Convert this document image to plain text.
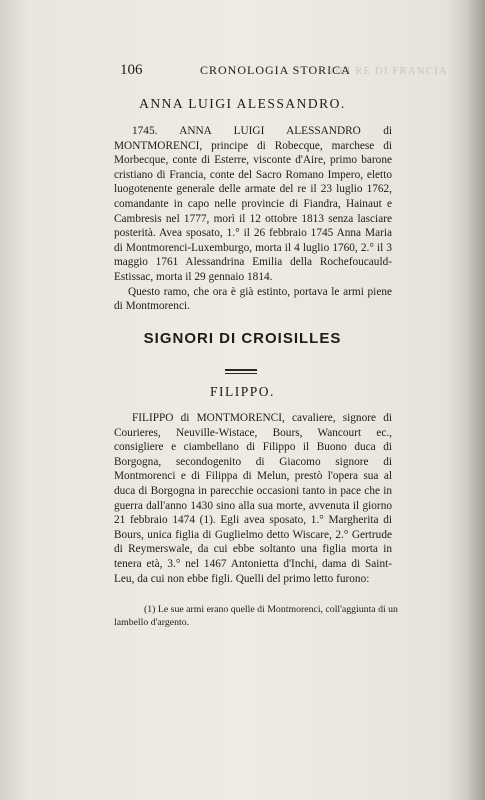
DEI RE DI FRANCIA
106	CRONOLOGIA STORICA
ANNA LUIGI ALESSANDRO.

1745. ANNA LUIGI ALESSANDRO di MONTMORENCI, principe di Robecque, marchese di Morbecque, conte di Esterre, visconte d'Aire, primo barone cristiano di Francia, conte del Sacro Romano Impero, eletto luogotenente generale delle armate del re il 23 luglio 1762, comandante in capo nelle provincie di Fiandra, Hainaut e Cambresis nel 1777, morì il 12 ottobre 1813 senza lasciare posterità. Avea sposato, 1.° il 26 febbraio 1745 Anna Maria di Montmorenci-Luxemburgo, morta il 4 luglio 1760, 2.° il 3 maggio 1761 Alessandrina Emilia della Rochefoucauld-Estissac, morta il 29 gennaio 1814.

Questo ramo, che ora è già estinto, portava le armi piene di Montmorenci.

SIGNORI DI CROISILLES
FILIPPO.

FILIPPO di MONTMORENCI, cavaliere, signore di Courieres, Neuville-Wistace, Bours, Wancourt ec., consigliere e ciambellano di Filippo il Buono duca di Borgogna, secondogenito di Giacomo signore di Montmorenci e di Filippa di Melun, prestò l'opera sua al duca di Borgogna in parecchie occasioni tanto in pace che in guerra dall'anno 1430 sino alla sua morte, avvenuta il giorno 21 febbraio 1474 (1). Egli avea sposato, 1.° Margherita di Bours, unica figlia di Guglielmo detto Wiscare, 2.° Gertrude di Reymerswale, da cui ebbe soltanto una figlia morta in tenera età, 3.° nel 1467 Antonietta d'Inchi, dama di Saint-Leu, da cui non ebbe figli. Quelli del primo letto furono:

(1) Le sue armi erano quelle di Montmorenci, coll'aggiunta di un
lambello d'argento.
